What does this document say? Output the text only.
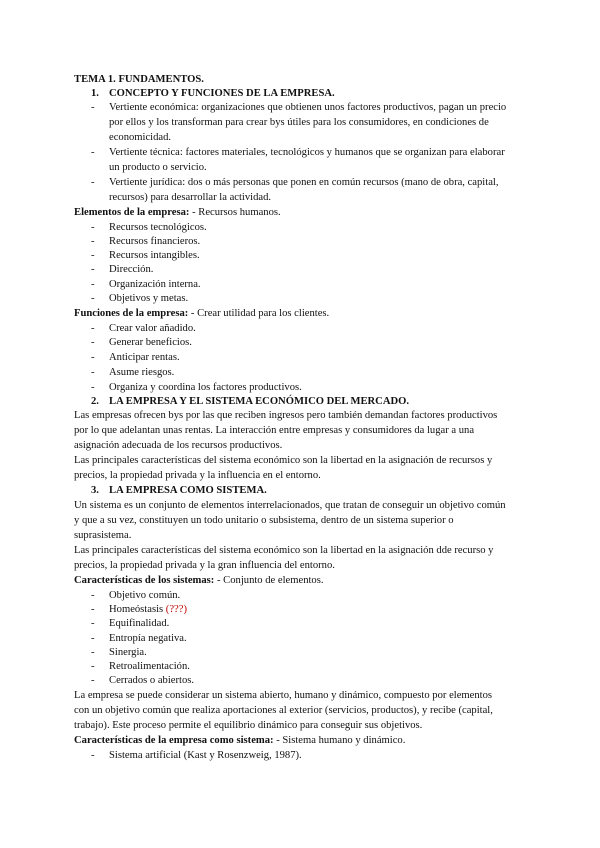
TEMA 1. FUNDAMENTOS.
1. CONCEPTO Y FUNCIONES DE LA EMPRESA.
- Vertiente económica: organizaciones que obtienen unos factores productivos, pagan un precio
por ellos y los transforman para crear bys útiles para los consumidores, en condiciones de
economicidad.
- Vertiente técnica: factores materiales, tecnológicos y humanos que se organizan para elaborar
un producto o servicio.
- Vertiente jurídica: dos o más personas que ponen en común recursos (mano de obra, capital,
recursos) para desarrollar la actividad.
Elementos de la empresa: - Recursos humanos.
- Recursos tecnológicos.
- Recursos financieros.
- Recursos intangibles.
- Dirección.
- Organización interna.
- Objetivos y metas.
Funciones de la empresa: - Crear utilidad para los clientes.
- Crear valor añadido.
- Generar beneficios.
- Anticipar rentas.
- Asume riesgos.
- Organiza y coordina los factores productivos.
2. LA EMPRESA Y EL SISTEMA ECONÓMICO DEL MERCADO.
Las empresas ofrecen bys por las que reciben ingresos pero también demandan factores productivos
por lo que adelantan unas rentas. La interacción entre empresas y consumidores da lugar a una
asignación adecuada de los recursos productivos.
Las principales características del sistema económico son la libertad en la asignación de recursos y
precios, la propiedad privada y la influencia en el entorno.
3. LA EMPRESA COMO SISTEMA.
Un sistema es un conjunto de elementos interrelacionados, que tratan de conseguir un objetivo común
y que a su vez, constituyen un todo unitario o subsistema, dentro de un sistema superior o
suprasistema.
Las principales características del sistema económico son la libertad en la asignación dde recurso y
precios, la propiedad privada y la gran influencia del entorno.
Características de los sistemas: - Conjunto de elementos.
- Objetivo común.
- Homeóstasis (???)
- Equifinalidad.
- Entropía negativa.
- Sinergia.
- Retroalimentación.
- Cerrados o abiertos.
La empresa se puede considerar un sistema abierto, humano y dinámico, compuesto por elementos
con un objetivo común que realiza aportaciones al exterior (servicios, productos), y recibe (capital,
trabajo). Este proceso permite el equilibrio dinámico para conseguir sus objetivos.
Características de la empresa como sistema: - Sistema humano y dinámico.
- Sistema artificial (Kast y Rosenzweig, 1987).
